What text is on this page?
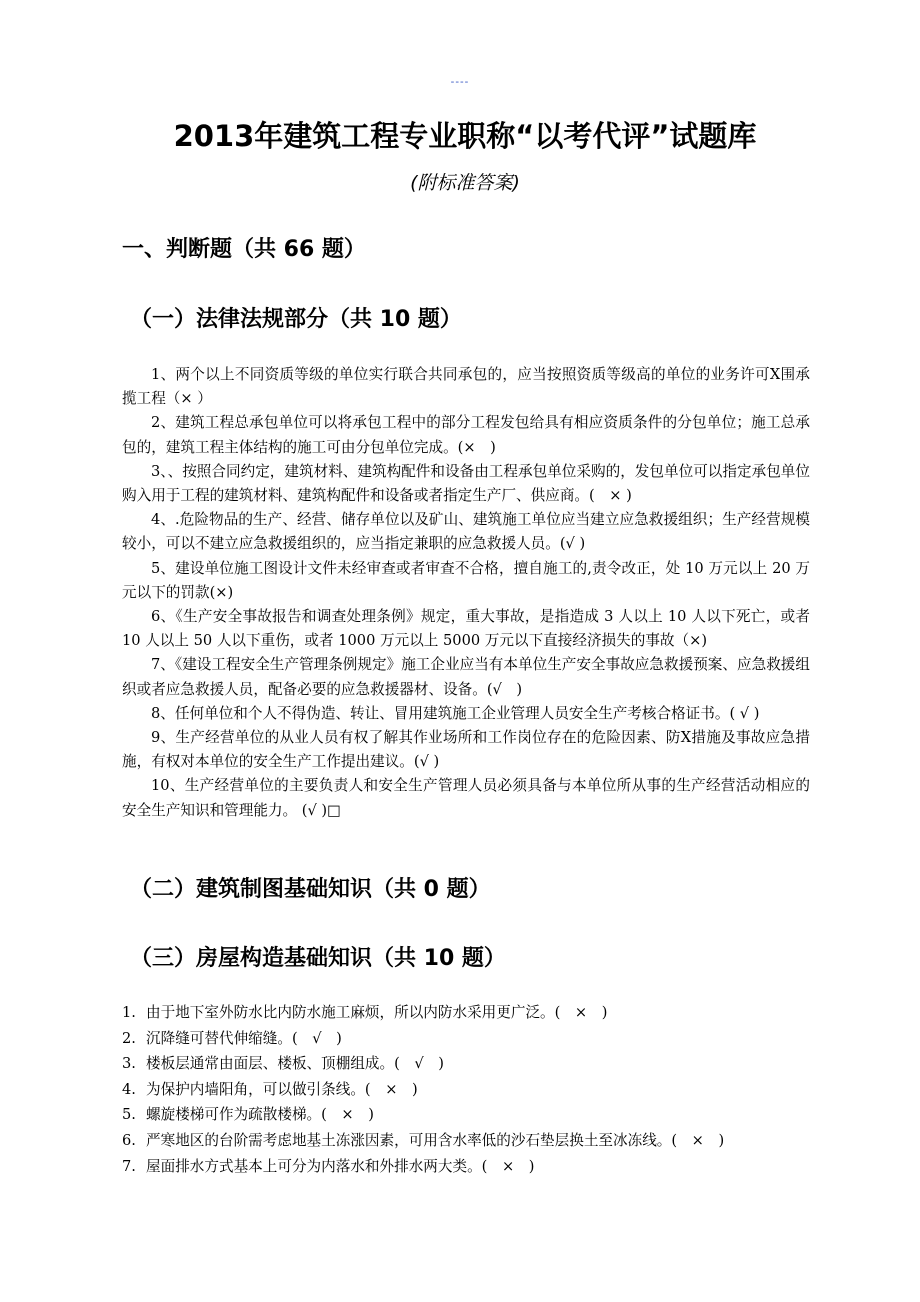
----
2013年建筑工程专业职称“以考代评”试题库
(附标准答案)
一、判断题（共 66 题）
（一）法律法规部分（共 10 题）

1、两个以上不同资质等级的单位实行联合共同承包的，应当按照资质等级高的单位的业务许可X围承揽工程（× ）

2、建筑工程总承包单位可以将承包工程中的部分工程发包给具有相应资质条件的分包单位；施工总承包的，建筑工程主体结构的施工可由分包单位完成。(×　)

3、、按照合同约定，建筑材料、建筑构配件和设备由工程承包单位采购的，发包单位可以指定承包单位购入用于工程的建筑材料、建筑构配件和设备或者指定生产厂、供应商。(　× )

4、.危险物品的生产、经营、储存单位以及矿山、建筑施工单位应当建立应急救援组织；生产经营规模较小，可以不建立应急救援组织的，应当指定兼职的应急救援人员。(√ )

5、建设单位施工图设计文件未经审查或者审查不合格，擅自施工的,责令改正，处 10 万元以上 20 万元以下的罚款(×)

6、《生产安全事故报告和调查处理条例》规定，重大事故，是指造成 3 人以上 10 人以下死亡，或者 10 人以上 50 人以下重伤，或者 1000 万元以上 5000 万元以下直接经济损失的事故（×)

7、《建设工程安全生产管理条例规定》施工企业应当有本单位生产安全事故应急救援预案、应急救援组织或者应急救援人员，配备必要的应急救援器材、设备。(√　)

8、任何单位和个人不得伪造、转让、冒用建筑施工企业管理人员安全生产考核合格证书。( √ )

9、生产经营单位的从业人员有权了解其作业场所和工作岗位存在的危险因素、防X措施及事故应急措施，有权对本单位的安全生产工作提出建议。(√ )

10、生产经营单位的主要负责人和安全生产管理人员必须具备与本单位所从事的生产经营活动相应的安全生产知识和管理能力。 (√ )□

（二）建筑制图基础知识（共 0 题）
（三）房屋构造基础知识（共 10 题）
1. 由于地下室外防水比内防水施工麻烦，所以内防水采用更广泛。(　×　)
2. 沉降缝可替代伸缩缝。(　√　)
3. 楼板层通常由面层、楼板、顶棚组成。(　√　)
4. 为保护内墙阳角，可以做引条线。(　×　)
5. 螺旋楼梯可作为疏散楼梯。(　×　)
6. 严寒地区的台阶需考虑地基土冻涨因素，可用含水率低的沙石垫层换土至冰冻线。(　×　)
7. 屋面排水方式基本上可分为内落水和外排水两大类。(　×　)
